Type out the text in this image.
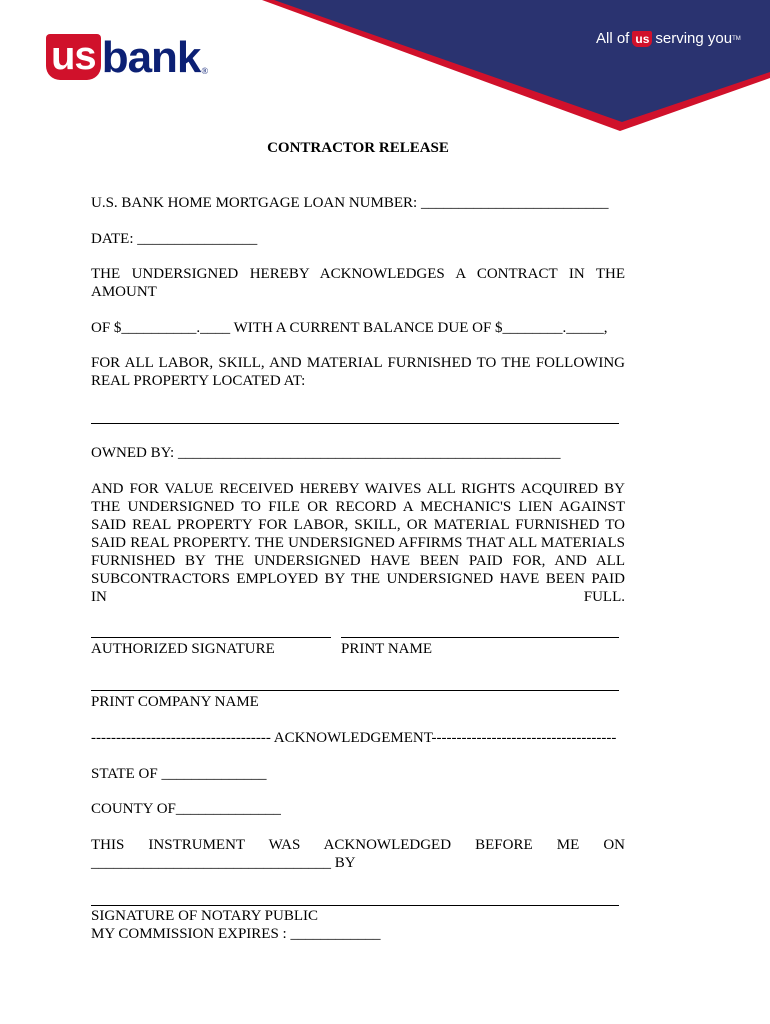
us bank ®
All of us serving you TM
CONTRACTOR RELEASE
U.S. BANK HOME MORTGAGE LOAN NUMBER: _________________________
DATE: ________________
THE UNDERSIGNED HEREBY ACKNOWLEDGES A CONTRACT IN THE AMOUNT
OF $__________.____ WITH A CURRENT BALANCE DUE OF $________._____,
FOR ALL LABOR, SKILL, AND MATERIAL FURNISHED TO THE FOLLOWING REAL PROPERTY LOCATED AT:
OWNED BY: ___________________________________________________
AND FOR VALUE RECEIVED HEREBY WAIVES ALL RIGHTS ACQUIRED BY THE UNDERSIGNED TO FILE OR RECORD A MECHANIC'S LIEN AGAINST SAID REAL PROPERTY FOR LABOR, SKILL, OR MATERIAL FURNISHED TO SAID REAL PROPERTY. THE UNDERSIGNED AFFIRMS THAT ALL MATERIALS FURNISHED BY THE UNDERSIGNED HAVE BEEN PAID FOR, AND ALL SUBCONTRACTORS EMPLOYED BY THE UNDERSIGNED HAVE BEEN PAID IN FULL.
AUTHORIZED SIGNATURE	PRINT NAME
PRINT COMPANY NAME
------------------------------------ ACKNOWLEDGEMENT-------------------------------------
STATE OF ______________
COUNTY OF______________
THIS INSTRUMENT WAS ACKNOWLEDGED BEFORE ME ON
________________________________ BY
SIGNATURE OF NOTARY PUBLIC
MY COMMISSION EXPIRES : ____________
